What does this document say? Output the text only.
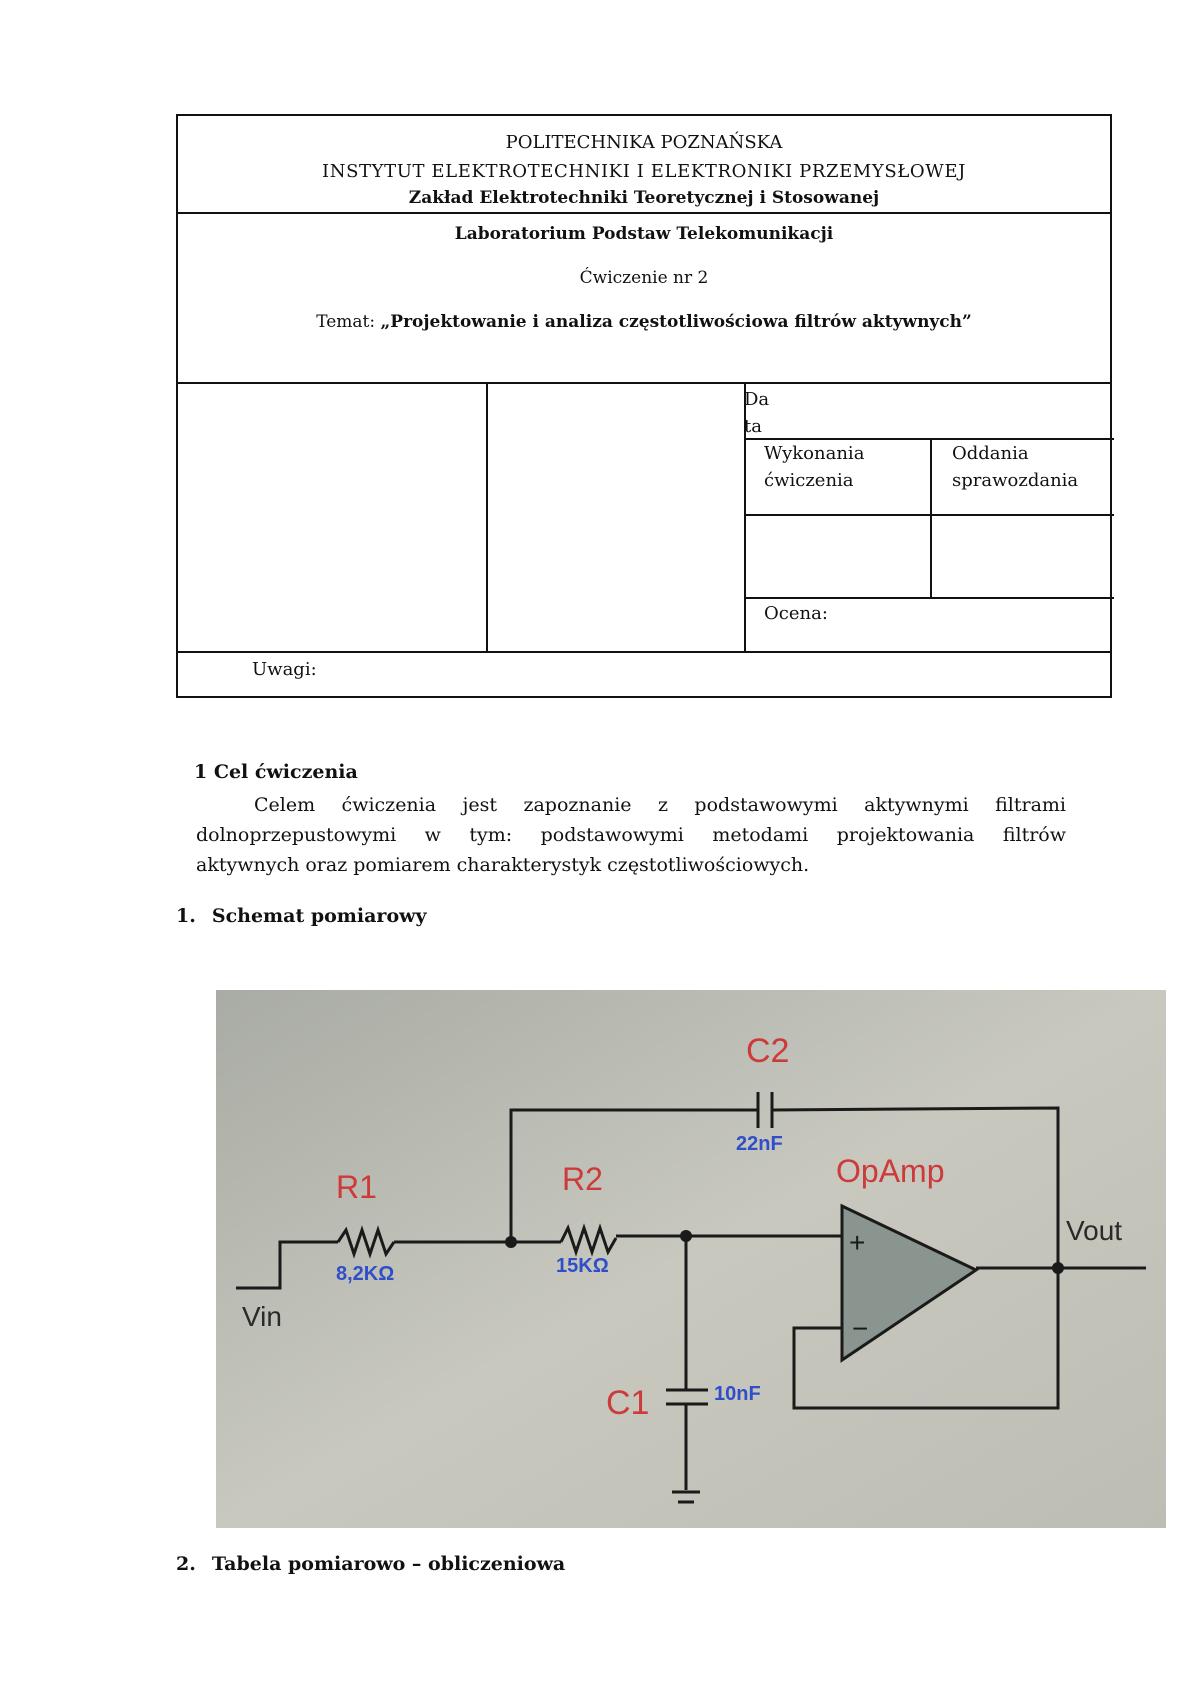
POLITECHNIKA POZNAŃSKA
INSTYTUT ELEKTROTECHNIKI I ELEKTRONIKI PRZEMYSŁOWEJ
Zakład Elektrotechniki Teoretycznej i Stosowanej
Laboratorium Podstaw Telekomunikacji
Ćwiczenie nr 2
Temat: „Projektowanie i analiza częstotliwościowa filtrów aktywnych”
Da
ta
Wykonania
ćwiczenia
Oddania
sprawozdania
Ocena:
Uwagi:
1 Cel ćwiczenia
Celem ćwiczenia jest zapoznanie z podstawowymi aktywnymi filtrami
dolnoprzepustowymi w tym: podstawowymi metodami projektowania filtrów
aktywnych oraz pomiarem charakterystyk częstotliwościowych.
1. Schemat pomiarowy
C2
22nF
R1
8,2KΩ
R2
15KΩ
OpAmp
+
−
C1	10nF
Vin
Vout
2. Tabela pomiarowo – obliczeniowa
